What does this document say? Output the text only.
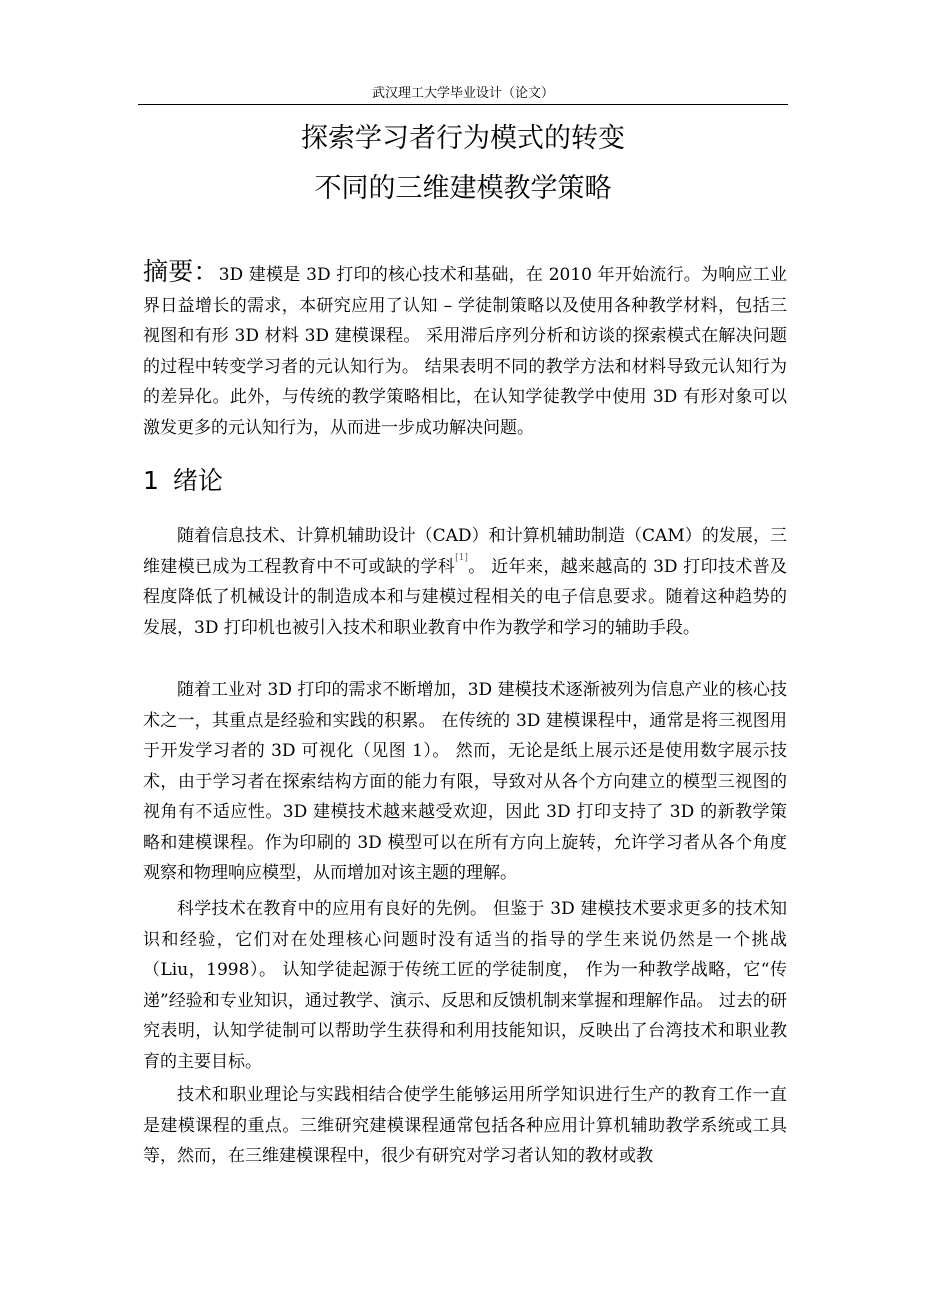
武汉理工大学毕业设计（论文）
探索学习者行为模式的转变
不同的三维建模教学策略
摘要：3D 建模是 3D 打印的核心技术和基础，在 2010 年开始流行。为响应工业界日益增长的需求，本研究应用了认知 – 学徒制策略以及使用各种教学材料，包括三视图和有形 3D 材料 3D 建模课程。 采用滞后序列分析和访谈的探索模式在解决问题的过程中转变学习者的元认知行为。 结果表明不同的教学方法和材料导致元认知行为的差异化。此外，与传统的教学策略相比，在认知学徒教学中使用 3D 有形对象可以激发更多的元认知行为，从而进一步成功解决问题。
1 绪论
随着信息技术、计算机辅助设计（CAD）和计算机辅助制造（CAM）的发展，三维建模已成为工程教育中不可或缺的学科[1]。 近年来，越来越高的 3D 打印技术普及程度降低了机械设计的制造成本和与建模过程相关的电子信息要求。随着这种趋势的发展，3D 打印机也被引入技术和职业教育中作为教学和学习的辅助手段。
随着工业对 3D 打印的需求不断增加，3D 建模技术逐渐被列为信息产业的核心技术之一，其重点是经验和实践的积累。 在传统的 3D 建模课程中，通常是将三视图用于开发学习者的 3D 可视化（见图 1）。 然而，无论是纸上展示还是使用数字展示技术，由于学习者在探索结构方面的能力有限，导致对从各个方向建立的模型三视图的视角有不适应性。3D 建模技术越来越受欢迎，因此 3D 打印支持了 3D 的新教学策略和建模课程。作为印刷的 3D 模型可以在所有方向上旋转，允许学习者从各个角度观察和物理响应模型，从而增加对该主题的理解。
科学技术在教育中的应用有良好的先例。 但鉴于 3D 建模技术要求更多的技术知识和经验，它们对在处理核心问题时没有适当的指导的学生来说仍然是一个挑战（Liu，1998）。 认知学徒起源于传统工匠的学徒制度， 作为一种教学战略，它“传递”经验和专业知识，通过教学、演示、反思和反馈机制来掌握和理解作品。 过去的研究表明，认知学徒制可以帮助学生获得和利用技能知识，反映出了台湾技术和职业教育的主要目标。
技术和职业理论与实践相结合使学生能够运用所学知识进行生产的教育工作一直是建模课程的重点。三维研究建模课程通常包括各种应用计算机辅助教学系统或工具等，然而，在三维建模课程中，很少有研究对学习者认知的教材或教
